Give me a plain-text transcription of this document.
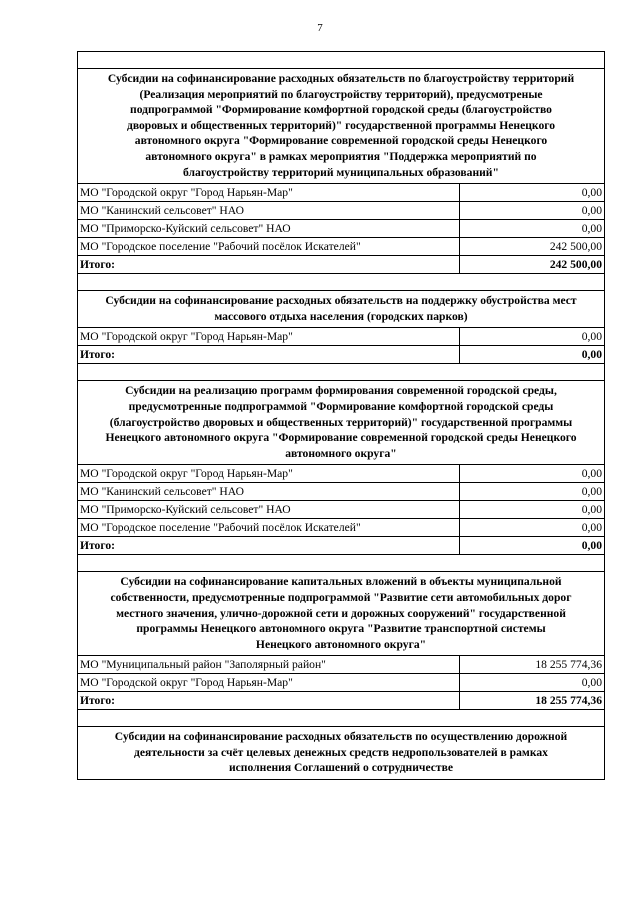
7
Субсидии на софинансирование расходных обязательств по благоустройству территорий
(Реализация мероприятий по благоустройству территорий), предусмотреные
подпрограммой "Формирование комфортной городской среды (благоустройство
дворовых и общественных территорий)" государственной программы Ненецкого
автономного округа "Формирование современной городской среды Ненецкого
автономного округа" в рамках мероприятия "Поддержка мероприятий по
благоустройству территорий муниципальных образований"
МО "Городской округ "Город Нарьян-Мар"	0,00
МО "Канинский сельсовет" НАО	0,00
МО "Приморско-Куйский сельсовет" НАО	0,00
МО "Городское поселение "Рабочий посёлок Искателей"	242 500,00
Итого:	242 500,00
Субсидии на софинансирование расходных обязательств на поддержку обустройства мест
массового отдыха населения (городских парков)
МО "Городской округ "Город Нарьян-Мар"	0,00
Итого:	0,00
Субсидии на реализацию программ формирования современной городской среды,
предусмотренные подпрограммой "Формирование комфортной городской среды
(благоустройство дворовых и общественных территорий)" государственной программы
Ненецкого автономного округа "Формирование современной городской среды Ненецкого
автономного округа"
МО "Городской округ "Город Нарьян-Мар"	0,00
МО "Канинский сельсовет" НАО	0,00
МО "Приморско-Куйский сельсовет" НАО	0,00
МО "Городское поселение "Рабочий посёлок Искателей"	0,00
Итого:	0,00
Субсидии на софинансирование капитальных вложений в объекты муниципальной
собственности, предусмотренные подпрограммой "Развитие сети автомобильных дорог
местного значения, улично-дорожной сети и дорожных сооружений" государственной
программы Ненецкого автономного округа "Развитие транспортной системы
Ненецкого автономного округа"
МО "Муниципальный район "Заполярный район"	18 255 774,36
МО "Городской округ "Город Нарьян-Мар"	0,00
Итого:	18 255 774,36
Субсидии на софинансирование расходных обязательств по осуществлению дорожной
деятельности за счёт целевых денежных средств недропользователей в рамках
исполнения Соглашений о сотрудничестве
